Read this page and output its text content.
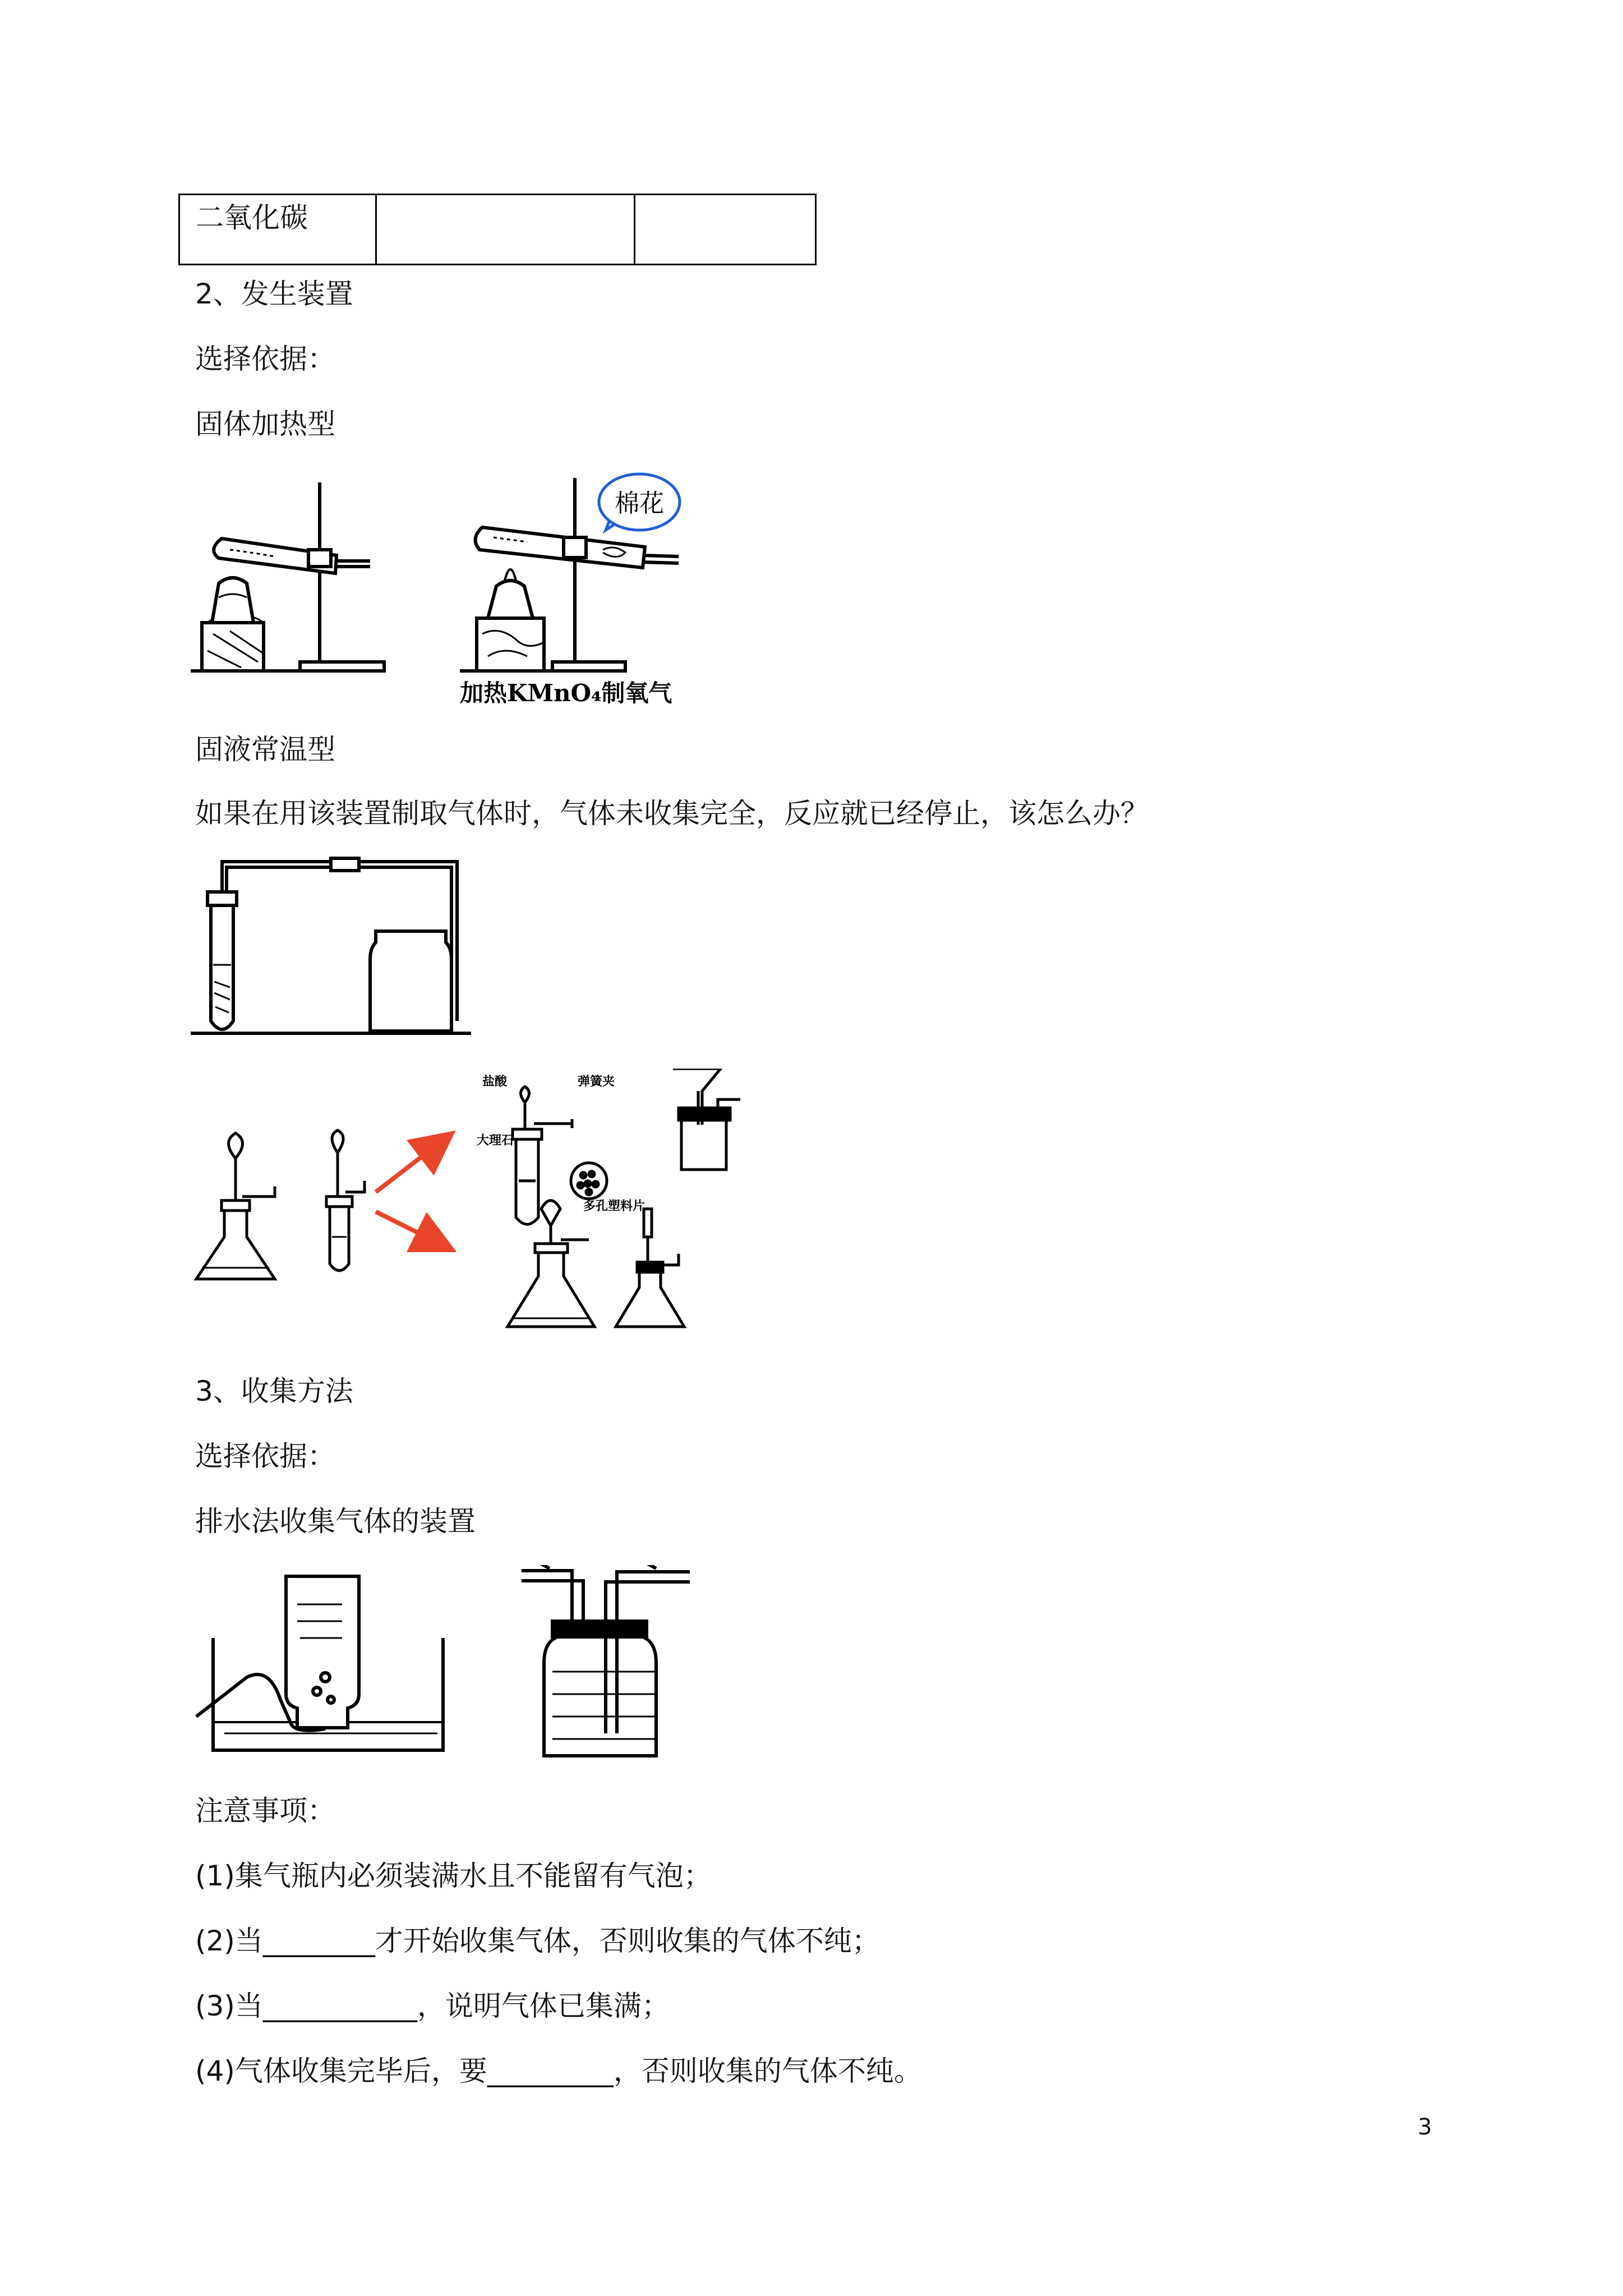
二氧化碳		
2、发生装置
选择依据：
固体加热型
棉花
加热KMnO₄制氧气
固液常温型
如果在用该装置制取气体时，气体未收集完全，反应就已经停止，该怎么办？
盐酸	弹簧夹
大理石
多孔塑料片
3、收集方法
选择依据：
排水法收集气体的装置
注意事项：
(1)集气瓶内必须装满水且不能留有气泡；
(2)当________才开始收集气体，否则收集的气体不纯；
(3)当___________，说明气体已集满；
(4)气体收集完毕后，要_________，否则收集的气体不纯。
3
